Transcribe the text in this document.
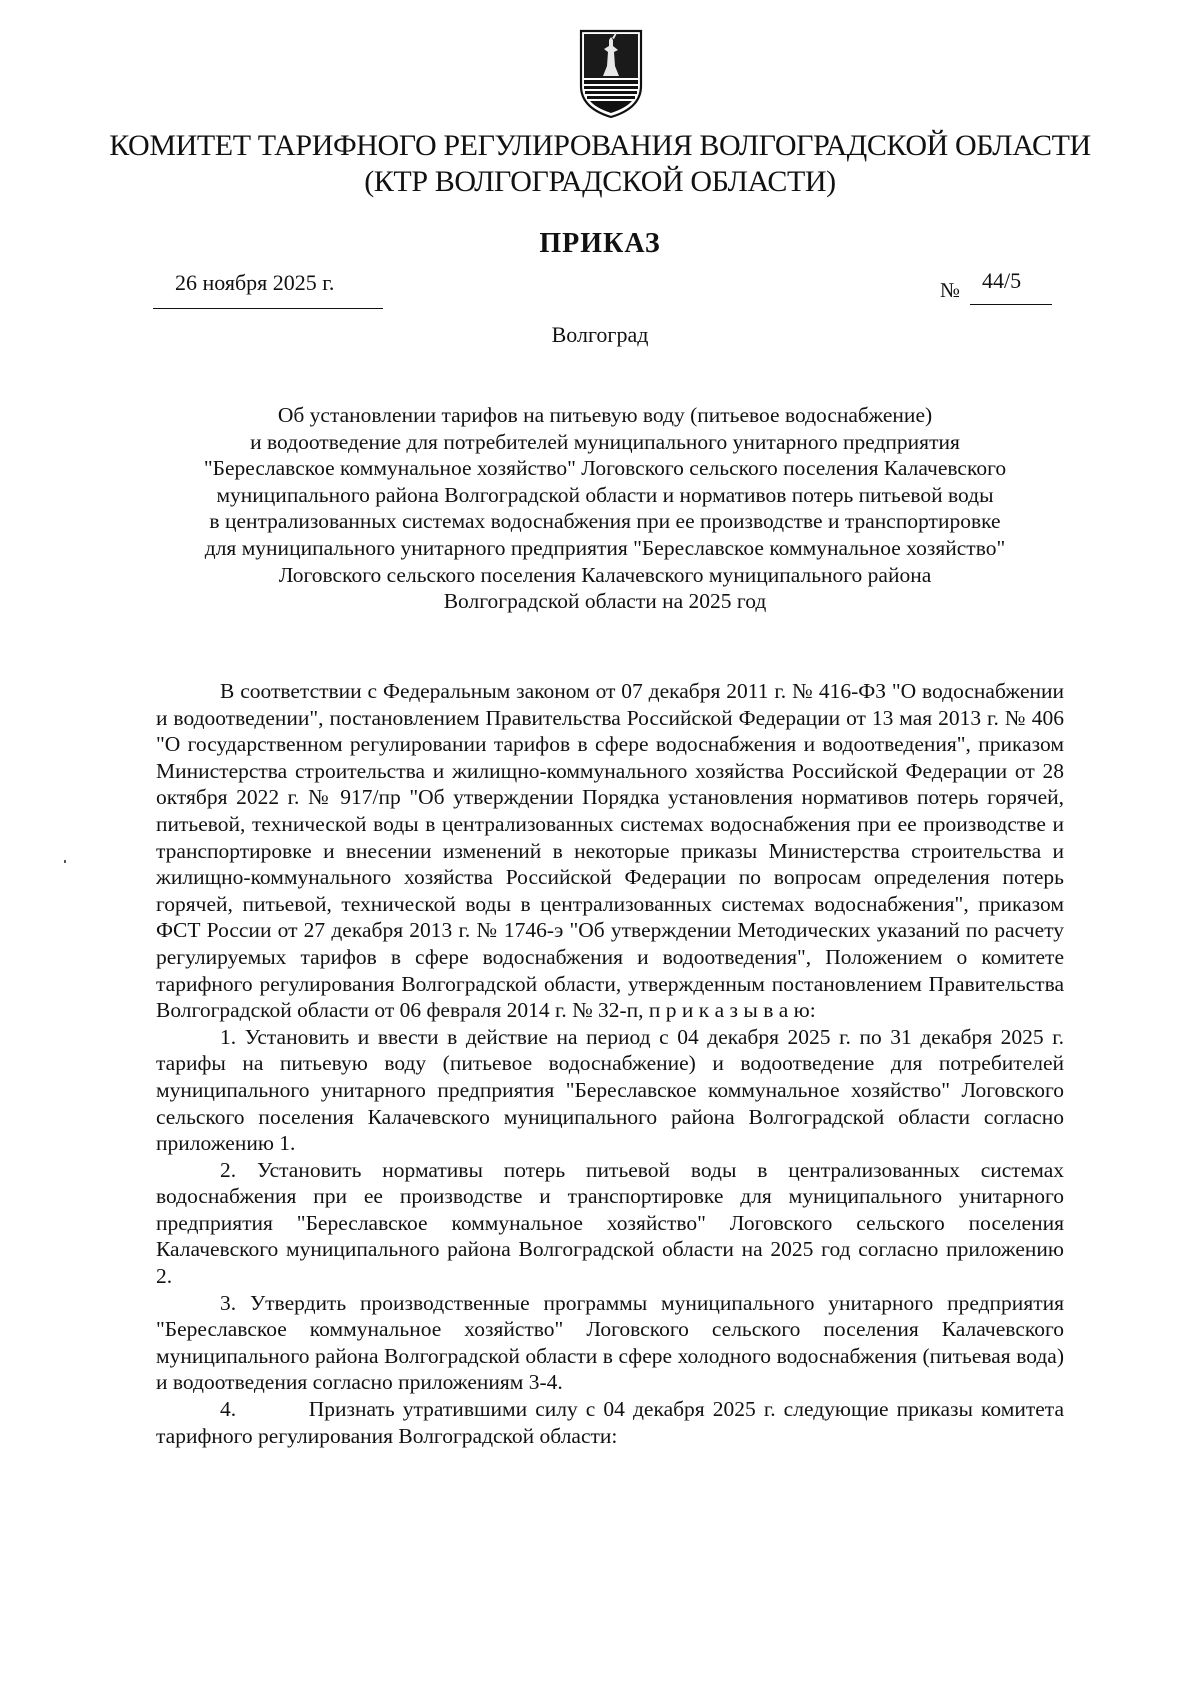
КОМИТЕТ ТАРИФНОГО РЕГУЛИРОВАНИЯ ВОЛГОГРАДСКОЙ ОБЛАСТИ
(КТР ВОЛГОГРАДСКОЙ ОБЛАСТИ)
ПРИКАЗ
26 ноября 2025 г.	№ 44/5
Волгоград
Об установлении тарифов на питьевую воду (питьевое водоснабжение)
и водоотведение для потребителей муниципального унитарного предприятия
"Береславское коммунальное хозяйство" Логовского сельского поселения Калачевского
муниципального района Волгоградской области и нормативов потерь питьевой воды
в централизованных системах водоснабжения при ее производстве и транспортировке
для муниципального унитарного предприятия "Береславское коммунальное хозяйство"
Логовского сельского поселения Калачевского муниципального района
Волгоградской области на 2025 год

В соответствии с Федеральным законом от 07 декабря 2011 г. № 416-ФЗ "О водоснабжении и водоотведении", постановлением Правительства Российской Федерации от 13 мая 2013 г. № 406 "О государственном регулировании тарифов в сфере водоснабжения и водоотведения", приказом Министерства строительства и жилищно-коммунального хозяйства Российской Федерации от 28 октября 2022 г. № 917/пр "Об утверждении Порядка установления нормативов потерь горячей, питьевой, технической воды в централизованных системах водоснабжения при ее производстве и транспортировке и внесении изменений в некоторые приказы Министерства строительства и жилищно-коммунального хозяйства Российской Федерации по вопросам определения потерь горячей, питьевой, технической воды в централизованных системах водоснабжения", приказом ФСТ России от 27 декабря 2013 г. № 1746-э "Об утверждении Методических указаний по расчету регулируемых тарифов в сфере водоснабжения и водоотведения", Положением о комитете тарифного регулирования Волгоградской области, утвержденным постановлением Правительства Волгоградской области от 06 февраля 2014 г. № 32-п, п р и к а з ы в а ю:

1. Установить и ввести в действие на период с 04 декабря 2025 г. по 31 декабря 2025 г. тарифы на питьевую воду (питьевое водоснабжение) и водоотведение для потребителей муниципального унитарного предприятия "Береславское коммунальное хозяйство" Логовского сельского поселения Калачевского муниципального района Волгоградской области согласно приложению 1.

2. Установить нормативы потерь питьевой воды в централизованных системах водоснабжения при ее производстве и транспортировке для муниципального унитарного предприятия "Береславское коммунальное хозяйство" Логовского сельского поселения Калачевского муниципального района Волгоградской области на 2025 год согласно приложению 2.

3. Утвердить производственные программы муниципального унитарного предприятия "Береславское коммунальное хозяйство" Логовского сельского поселения Калачевского муниципального района Волгоградской области в сфере холодного водоснабжения (питьевая вода) и водоотведения согласно приложениям 3-4.

4.	Признать утратившими силу с 04 декабря 2025 г. следующие приказы комитета тарифного регулирования Волгоградской области:
